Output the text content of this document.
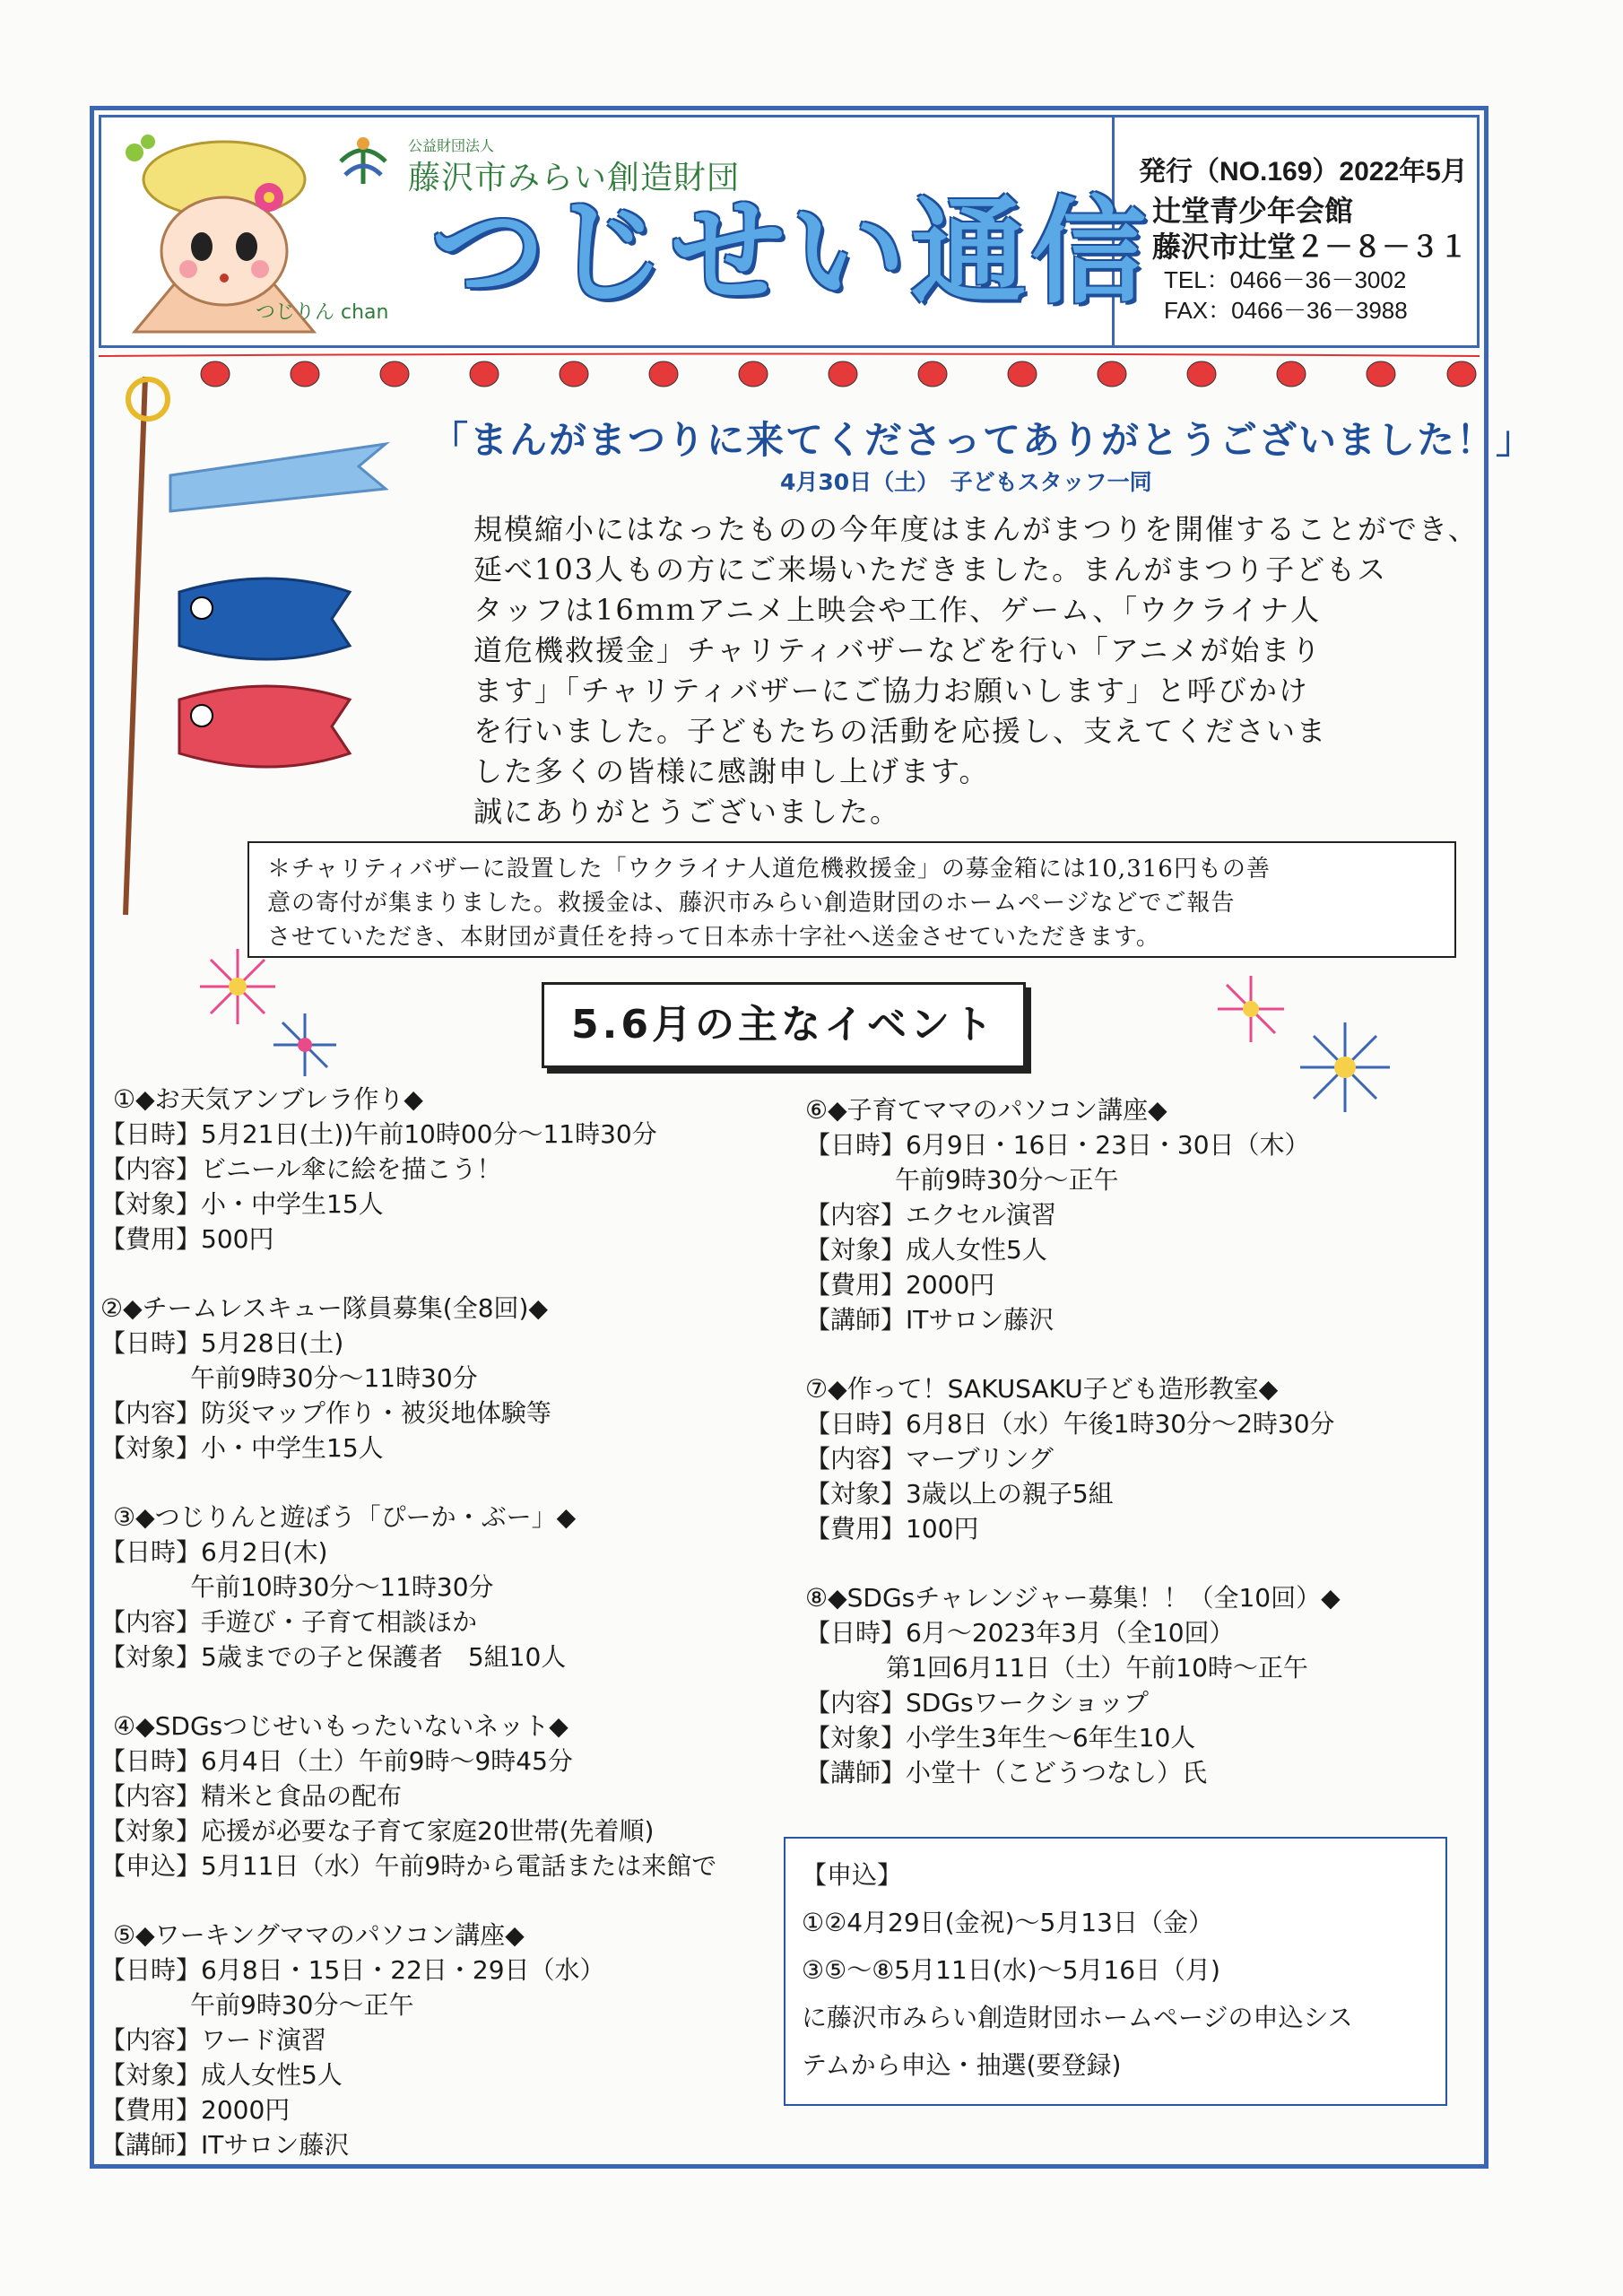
つじりん chan
公益財団法人
藤沢市みらい創造財団
つじせい通信
発行（NO.169）2022年5月
辻堂青少年会館
藤沢市辻堂２－８－３１
TEL：0466－36－3002
FAX：0466－36－3988
「まんがまつりに来てくださってありがとうございました！」
4月30日（土）　子どもスタッフ一同

規模縮小にはなったものの今年度はまんがまつりを開催することができ、

延べ103人もの方にご来場いただきました。まんがまつり子どもス

タッフは16ｍｍアニメ上映会や工作、ゲーム、「ウクライナ人

道危機救援金」チャリティバザーなどを行い「アニメが始まり

ます」「チャリティバザーにご協力お願いします」と呼びかけ

を行いました。子どもたちの活動を応援し、支えてくださいま

した多くの皆様に感謝申し上げます。

誠にありがとうございました。

＊チャリティバザーに設置した「ウクライナ人道危機救援金」の募金箱には10,316円もの善

意の寄付が集まりました。救援金は、藤沢市みらい創造財団のホームページなどでご報告

させていただき、本財団が責任を持って日本赤十字社へ送金させていただきます。

5.6月の主なイベント
①◆お天気アンブレラ作り◆
【日時】5月21日(土))午前10時00分～11時30分
【内容】ビニール傘に絵を描こう！
【対象】小・中学生15人
【費用】500円
②◆チームレスキュー隊員募集(全8回)◆
【日時】5月28日(土)
午前9時30分～11時30分
【内容】防災マップ作り・被災地体験等
【対象】小・中学生15人
③◆つじりんと遊ぼう「ぴーか・ぶー」◆
【日時】6月2日(木)
午前10時30分～11時30分
【内容】手遊び・子育て相談ほか
【対象】5歳までの子と保護者　5組10人
④◆SDGsつじせいもったいないネット◆
【日時】6月4日（土）午前9時～9時45分
【内容】精米と食品の配布
【対象】応援が必要な子育て家庭20世帯(先着順)
【申込】5月11日（水）午前9時から電話または来館で
⑤◆ワーキングママのパソコン講座◆
【日時】6月8日・15日・22日・29日（水）
午前9時30分～正午
【内容】ワード演習
【対象】成人女性5人
【費用】2000円
【講師】ITサロン藤沢
⑥◆子育てママのパソコン講座◆
【日時】6月9日・16日・23日・30日（木）
午前9時30分～正午
【内容】エクセル演習
【対象】成人女性5人
【費用】2000円
【講師】ITサロン藤沢
⑦◆作って！SAKUSAKU子ども造形教室◆
【日時】6月8日（水）午後1時30分～2時30分
【内容】マーブリング
【対象】3歳以上の親子5組
【費用】100円
⑧◆SDGsチャレンジャー募集！！（全10回）◆
【日時】6月～2023年3月（全10回）
第1回6月11日（土）午前10時～正午
【内容】SDGsワークショップ
【対象】小学生3年生～6年生10人
【講師】小堂十（こどうつなし）氏
【申込】
①②4月29日(金祝)～5月13日（金）
③⑤～⑧5月11日(水)～5月16日（月)
に藤沢市みらい創造財団ホームページの申込シス
テムから申込・抽選(要登録)
